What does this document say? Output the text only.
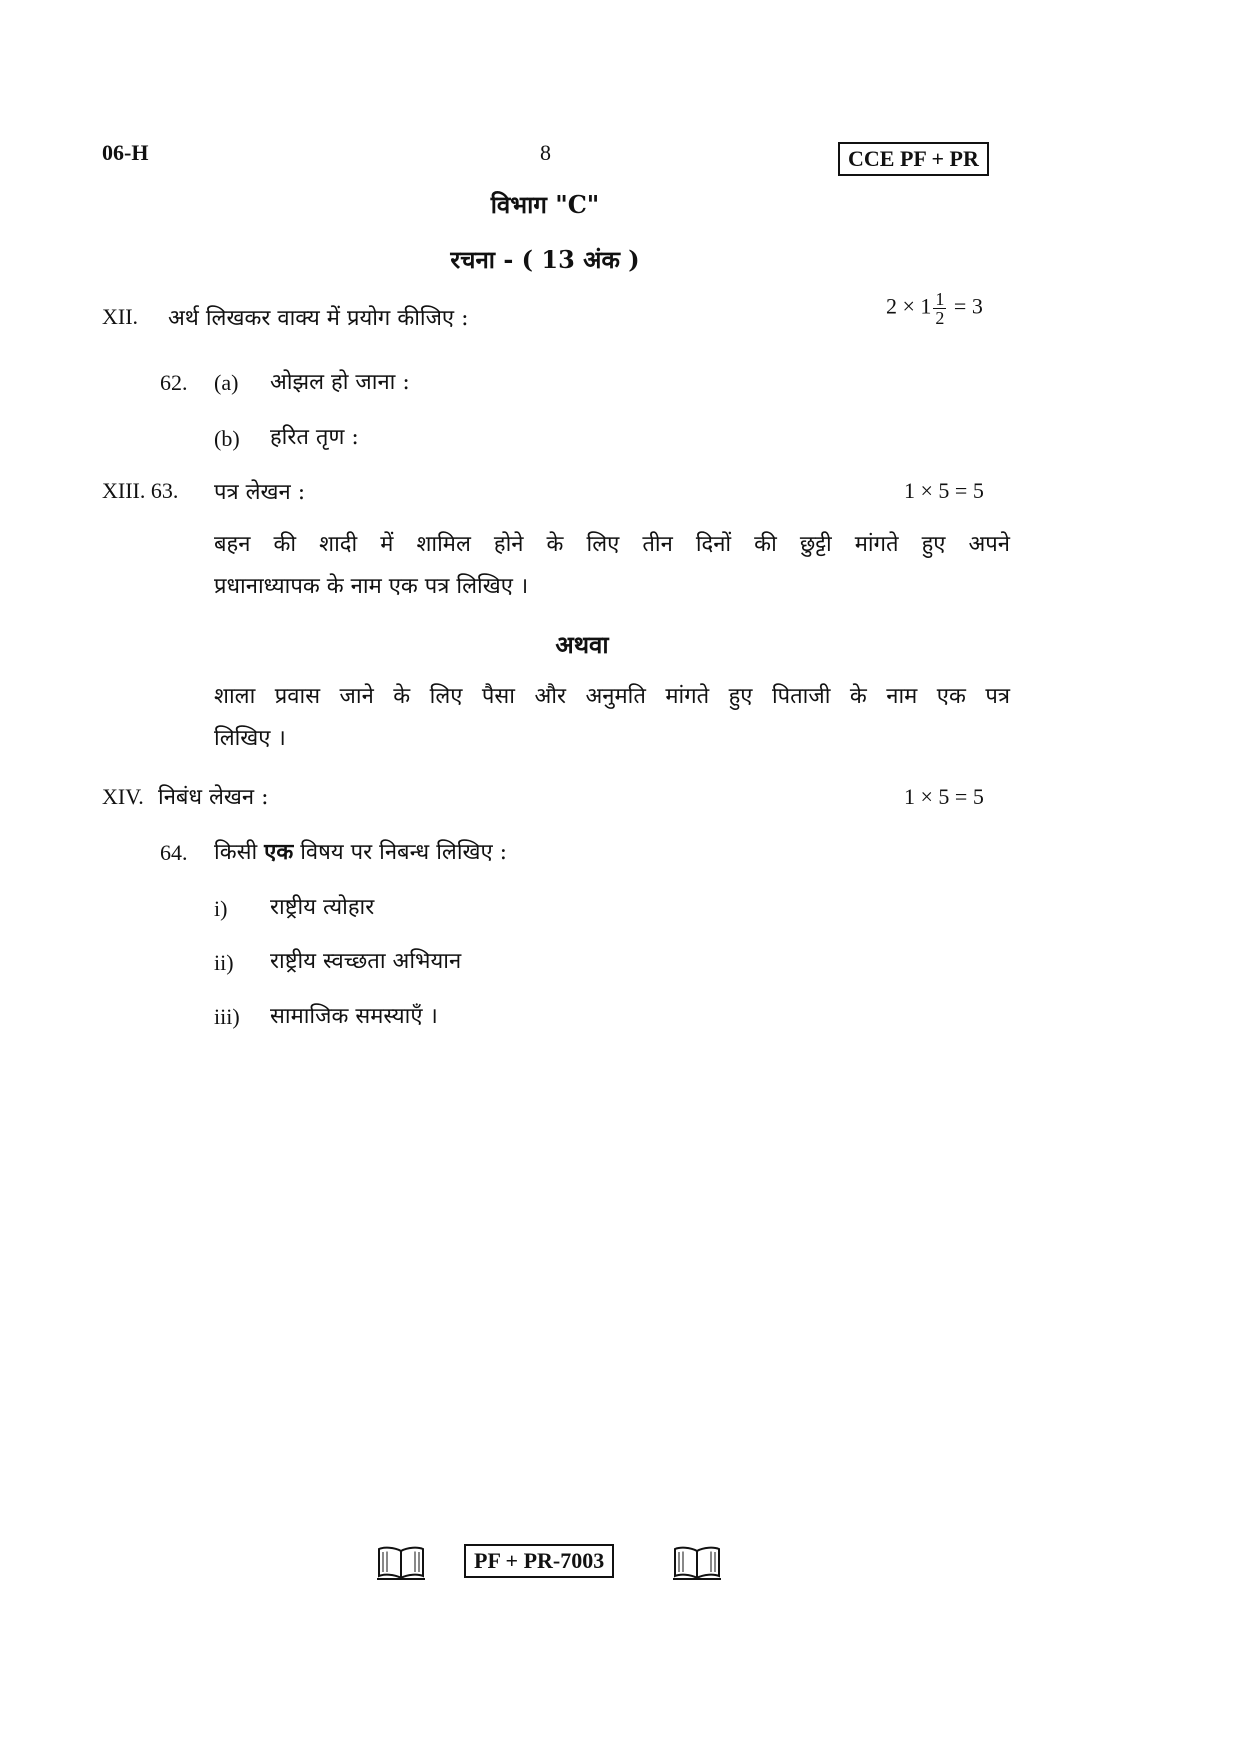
06-H	8	CCE PF + PR
विभाग "C"
रचना - ( 13 अंक )
XII. अर्थ लिखकर वाक्य में प्रयोग कीजिए :	$2 \times 1 \frac{1}{2} = 3$
62. (a) ओझल हो जाना :
(b) हरित तृण :
XIII. 63. पत्र लेखन :	1 × 5 = 5
बहन की शादी में शामिल होने के लिए तीन दिनों की छुट्टी मांगते हुए अपने
प्रधानाध्यापक के नाम एक पत्र लिखिए ।
अथवा
शाला प्रवास जाने के लिए पैसा और अनुमति मांगते हुए पिताजी के नाम एक पत्र
लिखिए ।
XIV. निबंध लेखन :	1 × 5 = 5
64. किसी एक विषय पर निबन्ध लिखिए :
i) राष्ट्रीय त्योहार
ii) राष्ट्रीय स्वच्छता अभियान
iii) सामाजिक समस्याएँ ।
PF + PR-7003
